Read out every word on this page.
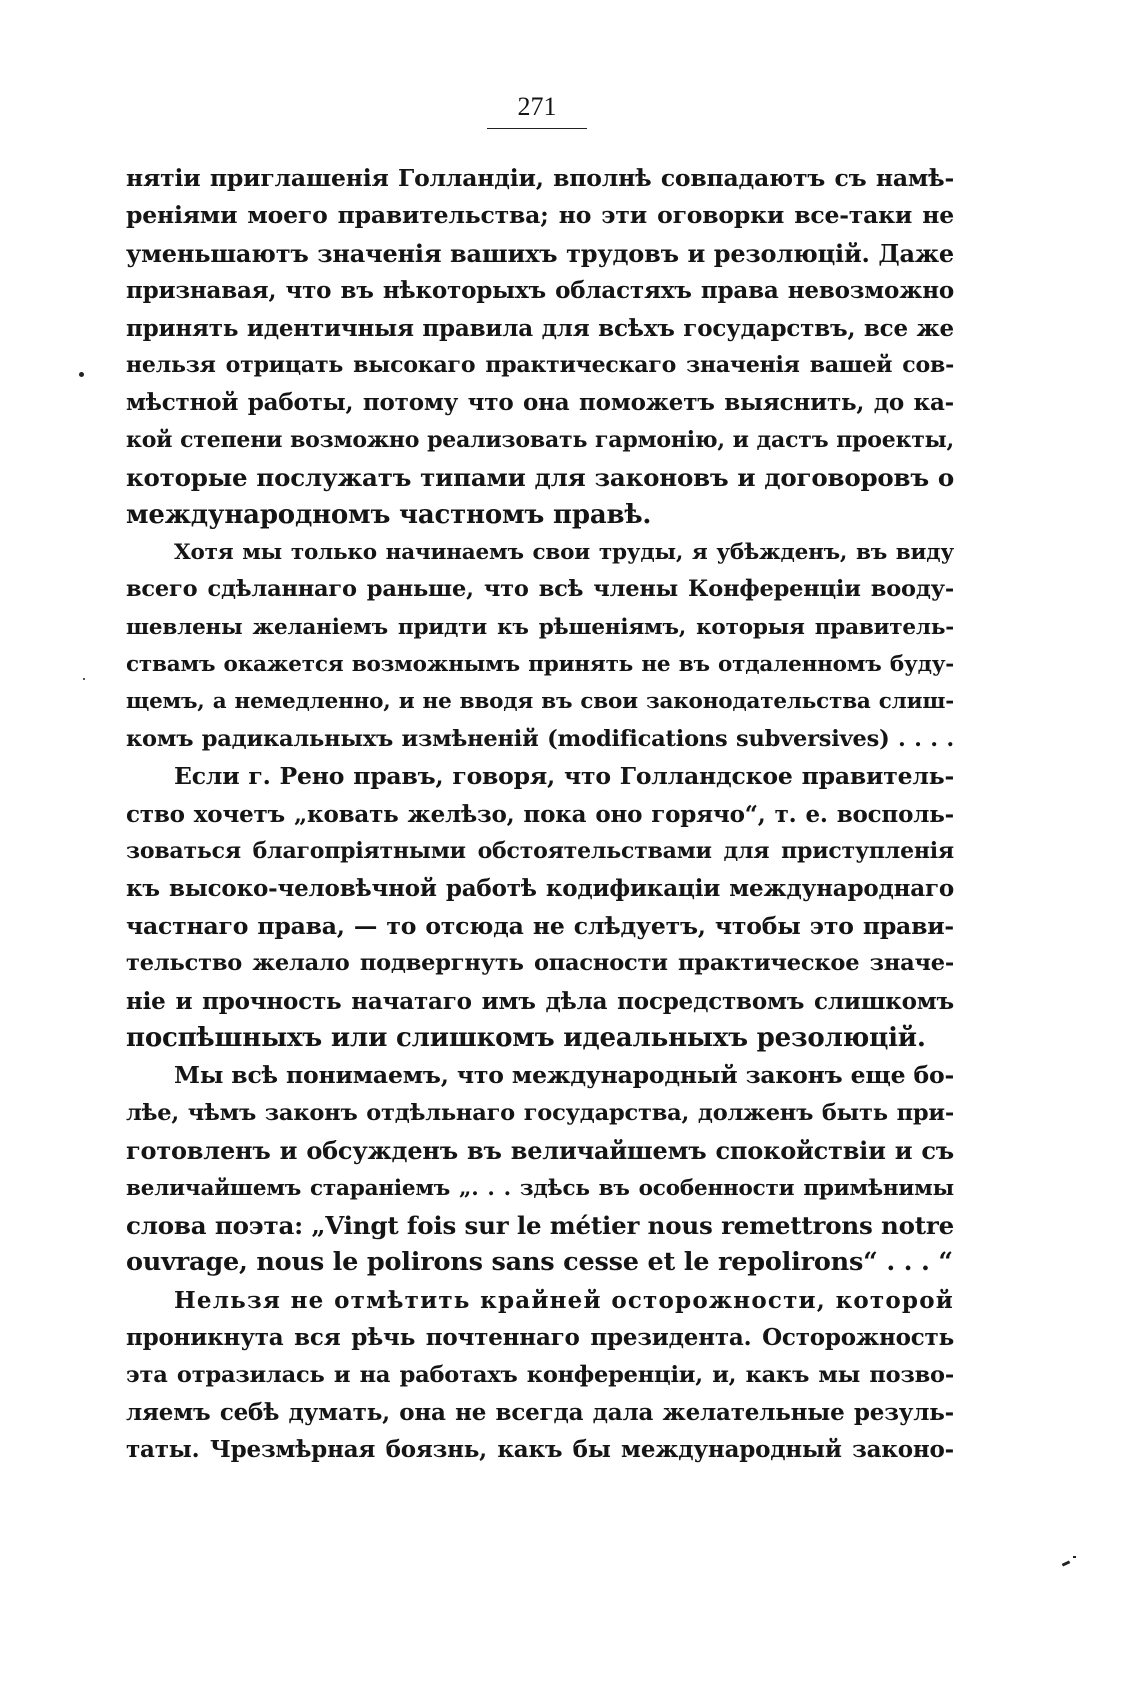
271
нятіи приглашенія Голландіи, вполнѣ совпадаютъ съ намѣ-
реніями моего правительства; но эти оговорки все-таки не
уменьшаютъ значенія вашихъ трудовъ и резолюцій. Даже
признавая, что въ нѣкоторыхъ областяхъ права невозможно
принять идентичныя правила для всѣхъ государствъ, все же
нельзя отрицать высокаго практическаго значенія вашей сов-
мѣстной работы, потому что она поможетъ выяснить, до ка-
кой степени возможно реализовать гармонію, и дастъ проекты,
которые послужатъ типами для законовъ и договоровъ о
международномъ частномъ правѣ.
Хотя мы только начинаемъ свои труды, я убѣжденъ, въ виду
всего сдѣланнаго раньше, что всѣ члены Конференціи вооду-
шевлены желаніемъ придти къ рѣшеніямъ, которыя правитель-
ствамъ окажется возможнымъ принять не въ отдаленномъ буду-
щемъ, а немедленно, и не вводя въ свои законодательства слиш-
комъ радикальныхъ измѣненій (modifications subversives) . . . .
Если г. Рено правъ, говоря, что Голландское правитель-
ство хочетъ „ковать желѣзо, пока оно горячо“, т. е. восполь-
зоваться благопріятными обстоятельствами для приступленія
къ высоко-человѣчной работѣ кодификаціи международнаго
частнаго права, — то отсюда не слѣдуетъ, чтобы это прави-
тельство желало подвергнуть опасности практическое значе-
ніе и прочность начатаго имъ дѣла посредствомъ слишкомъ
поспѣшныхъ или слишкомъ идеальныхъ резолюцій.
Мы всѣ понимаемъ, что международный законъ еще бо-
лѣе, чѣмъ законъ отдѣльнаго государства, долженъ быть при-
готовленъ и обсужденъ въ величайшемъ спокойствіи и съ
величайшемъ стараніемъ „. . . здѣсь въ особенности примѣнимы
слова поэта: „Vingt fois sur le métier nous remettrons notre
ouvrage, nous le polirons sans cesse et le repolirons“ . . . “
Нельзя не отмѣтить крайней осторожности, которой
проникнута вся рѣчь почтеннаго президента. Осторожность
эта отразилась и на работахъ конференціи, и, какъ мы позво-
ляемъ себѣ думать, она не всегда дала желательные резуль-
таты. Чрезмѣрная боязнь, какъ бы международный законо-
